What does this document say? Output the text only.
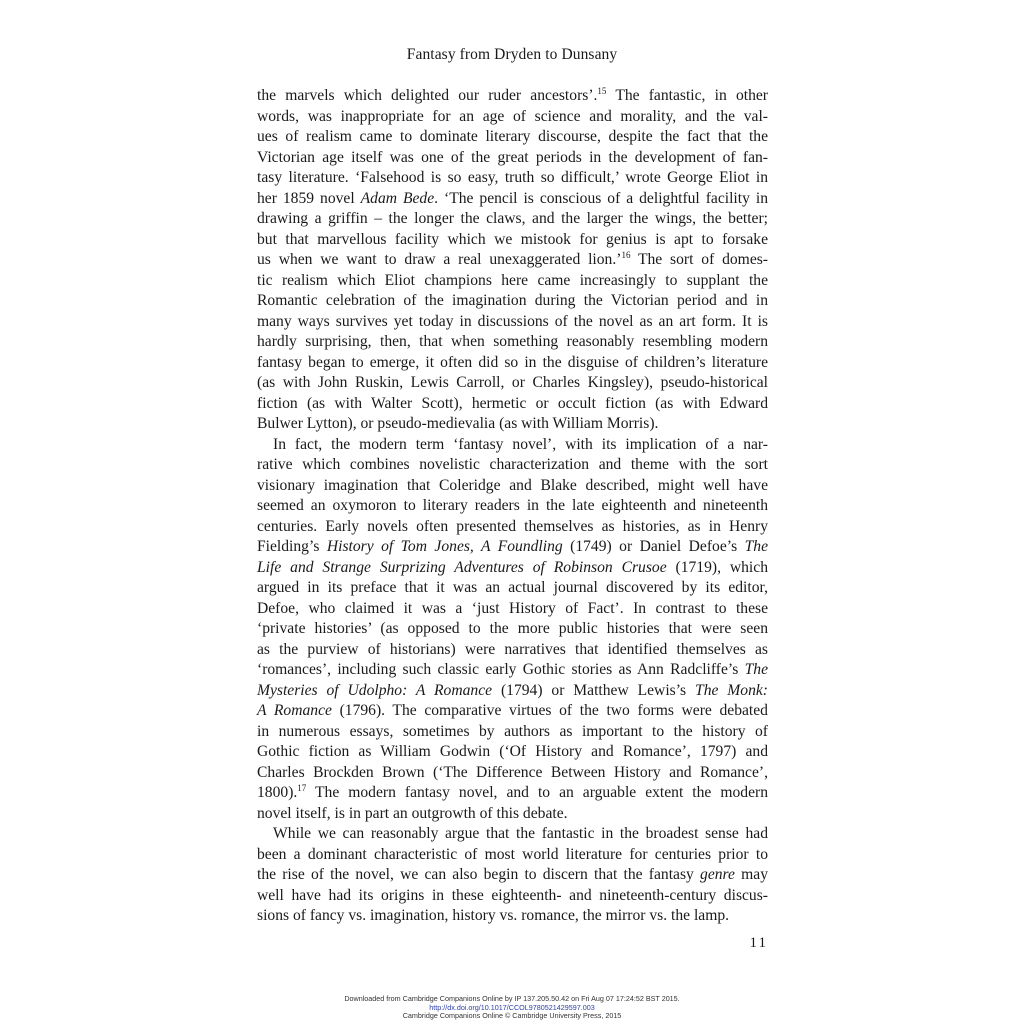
Fantasy from Dryden to Dunsany
the marvels which delighted our ruder ancestors’.$^{15}$ The fantastic, in other
words, was inappropriate for an age of science and morality, and the val-
ues of realism came to dominate literary discourse, despite the fact that the
Victorian age itself was one of the great periods in the development of fan-
tasy literature. ‘Falsehood is so easy, truth so difficult,’ wrote George Eliot in
her 1859 novel Adam Bede. ‘The pencil is conscious of a delightful facility in
drawing a griffin – the longer the claws, and the larger the wings, the better;
but that marvellous facility which we mistook for genius is apt to forsake
us when we want to draw a real unexaggerated lion.’$^{16}$ The sort of domes-
tic realism which Eliot champions here came increasingly to supplant the
Romantic celebration of the imagination during the Victorian period and in
many ways survives yet today in discussions of the novel as an art form. It is
hardly surprising, then, that when something reasonably resembling modern
fantasy began to emerge, it often did so in the disguise of children’s literature
(as with John Ruskin, Lewis Carroll, or Charles Kingsley), pseudo-historical
fiction (as with Walter Scott), hermetic or occult fiction (as with Edward
Bulwer Lytton), or pseudo-medievalia (as with William Morris).
In fact, the modern term ‘fantasy novel’, with its implication of a nar-
rative which combines novelistic characterization and theme with the sort
visionary imagination that Coleridge and Blake described, might well have
seemed an oxymoron to literary readers in the late eighteenth and nineteenth
centuries. Early novels often presented themselves as histories, as in Henry
Fielding’s History of Tom Jones, A Foundling (1749) or Daniel Defoe’s The
Life and Strange Surprizing Adventures of Robinson Crusoe (1719), which
argued in its preface that it was an actual journal discovered by its editor,
Defoe, who claimed it was a ‘just History of Fact’. In contrast to these
‘private histories’ (as opposed to the more public histories that were seen
as the purview of historians) were narratives that identified themselves as
‘romances’, including such classic early Gothic stories as Ann Radcliffe’s The
Mysteries of Udolpho: A Romance (1794) or Matthew Lewis’s The Monk:
A Romance (1796). The comparative virtues of the two forms were debated
in numerous essays, sometimes by authors as important to the history of
Gothic fiction as William Godwin (‘Of History and Romance’, 1797) and
Charles Brockden Brown (‘The Difference Between History and Romance’,
1800).$^{17}$ The modern fantasy novel, and to an arguable extent the modern
novel itself, is in part an outgrowth of this debate.
While we can reasonably argue that the fantastic in the broadest sense had
been a dominant characteristic of most world literature for centuries prior to
the rise of the novel, we can also begin to discern that the fantasy genre may
well have had its origins in these eighteenth- and nineteenth-century discus-
sions of fancy vs. imagination, history vs. romance, the mirror vs. the lamp.
11
Downloaded from Cambridge Companions Online by IP 137.205.50.42 on Fri Aug 07 17:24:52 BST 2015.
http://dx.doi.org/10.1017/CCOL9780521429597.003
Cambridge Companions Online © Cambridge University Press, 2015
